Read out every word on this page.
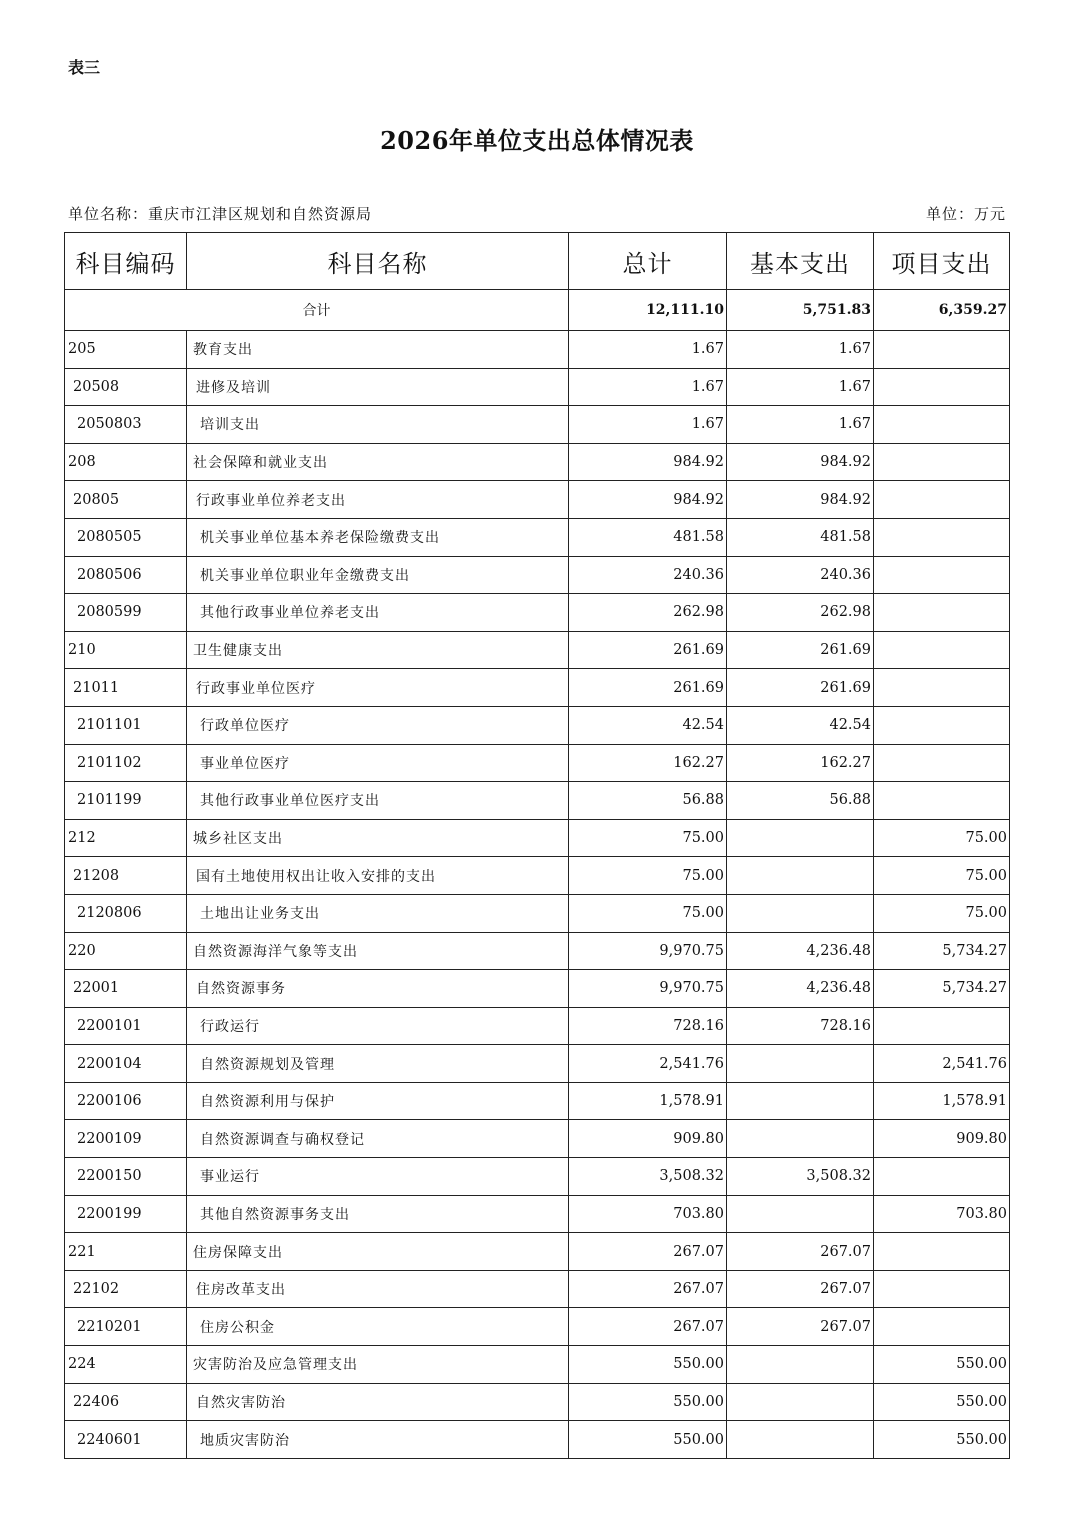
表三
2026年单位支出总体情况表
单位名称：重庆市江津区规划和自然资源局	单位：万元
科目编码	科目名称	总计	基本支出	项目支出
合计		12,111.10	5,751.83	6,359.27
205	教育支出	1.67	1.67	
20508	进修及培训	1.67	1.67	
2050803	培训支出	1.67	1.67	
208	社会保障和就业支出	984.92	984.92	
20805	行政事业单位养老支出	984.92	984.92	
2080505	机关事业单位基本养老保险缴费支出	481.58	481.58	
2080506	机关事业单位职业年金缴费支出	240.36	240.36	
2080599	其他行政事业单位养老支出	262.98	262.98	
210	卫生健康支出	261.69	261.69	
21011	行政事业单位医疗	261.69	261.69	
2101101	行政单位医疗	42.54	42.54	
2101102	事业单位医疗	162.27	162.27	
2101199	其他行政事业单位医疗支出	56.88	56.88	
212	城乡社区支出	75.00		75.00
21208	国有土地使用权出让收入安排的支出	75.00		75.00
2120806	土地出让业务支出	75.00		75.00
220	自然资源海洋气象等支出	9,970.75	4,236.48	5,734.27
22001	自然资源事务	9,970.75	4,236.48	5,734.27
2200101	行政运行	728.16	728.16	
2200104	自然资源规划及管理	2,541.76		2,541.76
2200106	自然资源利用与保护	1,578.91		1,578.91
2200109	自然资源调查与确权登记	909.80		909.80
2200150	事业运行	3,508.32	3,508.32	
2200199	其他自然资源事务支出	703.80		703.80
221	住房保障支出	267.07	267.07	
22102	住房改革支出	267.07	267.07	
2210201	住房公积金	267.07	267.07	
224	灾害防治及应急管理支出	550.00		550.00
22406	自然灾害防治	550.00		550.00
2240601	地质灾害防治	550.00		550.00
